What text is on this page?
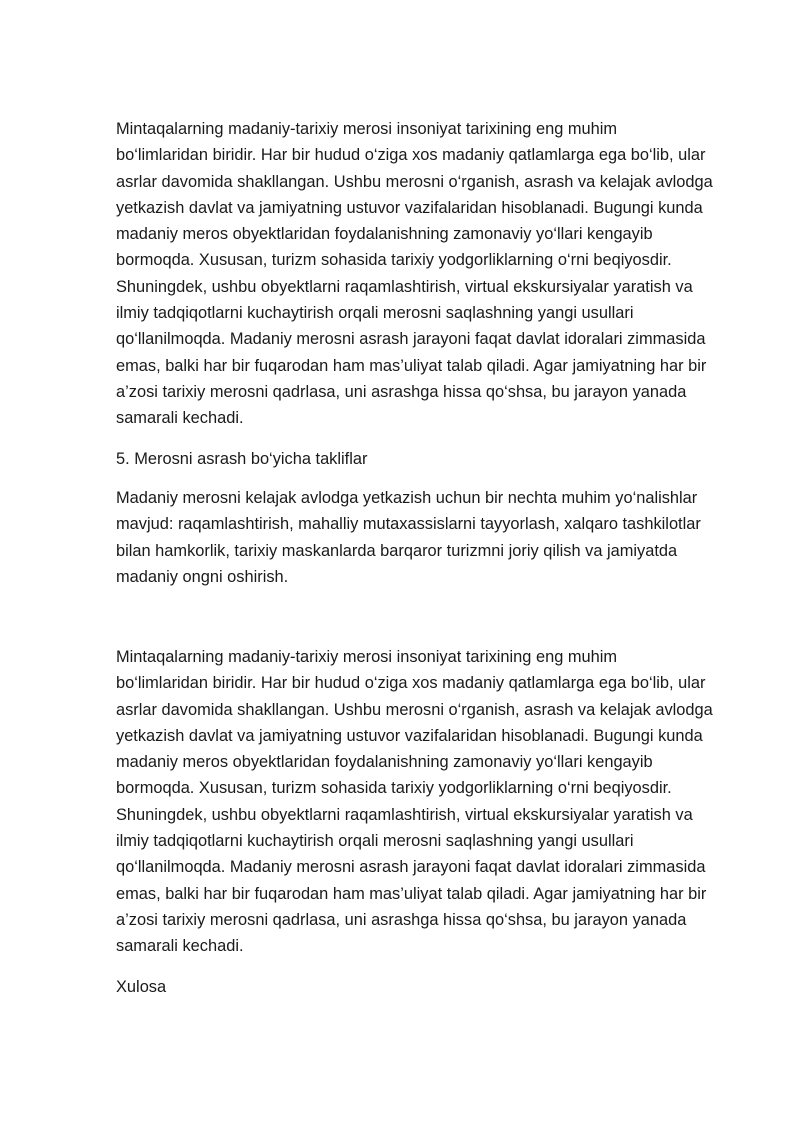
Mintaqalarning madaniy-tarixiy merosi insoniyat tarixining eng muhim
bo‘limlaridan biridir. Har bir hudud o‘ziga xos madaniy qatlamlarga ega bo‘lib, ular
asrlar davomida shakllangan. Ushbu merosni o‘rganish, asrash va kelajak avlodga
yetkazish davlat va jamiyatning ustuvor vazifalaridan hisoblanadi. Bugungi kunda
madaniy meros obyektlaridan foydalanishning zamonaviy yo‘llari kengayib
bormoqda. Xususan, turizm sohasida tarixiy yodgorliklarning o‘rni beqiyosdir.
Shuningdek, ushbu obyektlarni raqamlashtirish, virtual ekskursiyalar yaratish va
ilmiy tadqiqotlarni kuchaytirish orqali merosni saqlashning yangi usullari
qo‘llanilmoqda. Madaniy merosni asrash jarayoni faqat davlat idoralari zimmasida
emas, balki har bir fuqarodan ham mas’uliyat talab qiladi. Agar jamiyatning har bir
a’zosi tarixiy merosni qadrlasa, uni asrashga hissa qo‘shsa, bu jarayon yanada
samarali kechadi.

5. Merosni asrash bo‘yicha takliflar

Madaniy merosni kelajak avlodga yetkazish uchun bir nechta muhim yo‘nalishlar
mavjud: raqamlashtirish, mahalliy mutaxassislarni tayyorlash, xalqaro tashkilotlar
bilan hamkorlik, tarixiy maskanlarda barqaror turizmni joriy qilish va jamiyatda
madaniy ongni oshirish.

Mintaqalarning madaniy-tarixiy merosi insoniyat tarixining eng muhim
bo‘limlaridan biridir. Har bir hudud o‘ziga xos madaniy qatlamlarga ega bo‘lib, ular
asrlar davomida shakllangan. Ushbu merosni o‘rganish, asrash va kelajak avlodga
yetkazish davlat va jamiyatning ustuvor vazifalaridan hisoblanadi. Bugungi kunda
madaniy meros obyektlaridan foydalanishning zamonaviy yo‘llari kengayib
bormoqda. Xususan, turizm sohasida tarixiy yodgorliklarning o‘rni beqiyosdir.
Shuningdek, ushbu obyektlarni raqamlashtirish, virtual ekskursiyalar yaratish va
ilmiy tadqiqotlarni kuchaytirish orqali merosni saqlashning yangi usullari
qo‘llanilmoqda. Madaniy merosni asrash jarayoni faqat davlat idoralari zimmasida
emas, balki har bir fuqarodan ham mas’uliyat talab qiladi. Agar jamiyatning har bir
a’zosi tarixiy merosni qadrlasa, uni asrashga hissa qo‘shsa, bu jarayon yanada
samarali kechadi.

Xulosa
